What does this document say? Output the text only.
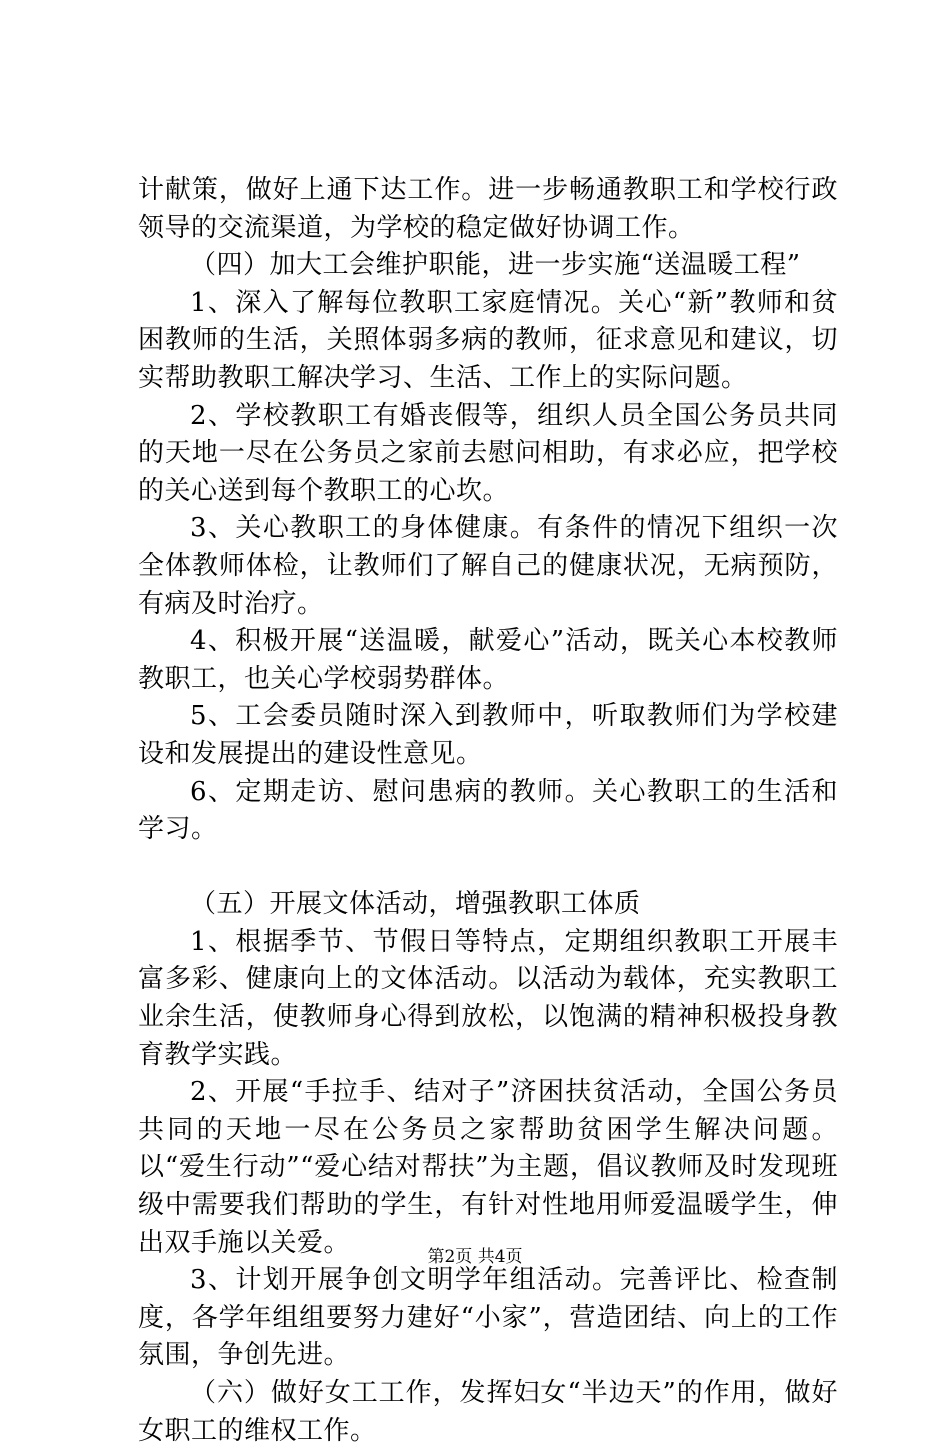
计献策，做好上通下达工作。进一步畅通教职工和学校行政领导的交流渠道，为学校的稳定做好协调工作。

（四）加大工会维护职能，进一步实施“送温暖工程”

1、深入了解每位教职工家庭情况。关心“新”教师和贫困教师的生活，关照体弱多病的教师，征求意见和建议，切实帮助教职工解决学习、生活、工作上的实际问题。

2、学校教职工有婚丧假等，组织人员全国公务员共同的天地一尽在公务员之家前去慰问相助，有求必应，把学校的关心送到每个教职工的心坎。

3、关心教职工的身体健康。有条件的情况下组织一次全体教师体检，让教师们了解自己的健康状况，无病预防，有病及时治疗。

4、积极开展“送温暖，献爱心”活动，既关心本校教师教职工，也关心学校弱势群体。

5、工会委员随时深入到教师中，听取教师们为学校建设和发展提出的建设性意见。

6、定期走访、慰问患病的教师。关心教职工的生活和学习。

（五）开展文体活动，增强教职工体质

1、根据季节、节假日等特点，定期组织教职工开展丰富多彩、健康向上的文体活动。以活动为载体，充实教职工业余生活，使教师身心得到放松，以饱满的精神积极投身教育教学实践。

2、开展“手拉手、结对子”济困扶贫活动，全国公务员共同的天地一尽在公务员之家帮助贫困学生解决问题。以“爱生行动”“爱心结对帮扶”为主题，倡议教师及时发现班级中需要我们帮助的学生，有针对性地用师爱温暖学生，伸出双手施以关爱。

3、计划开展争创文明学年组活动。完善评比、检查制度，各学年组组要努力建好“小家”，营造团结、向上的工作氛围，争创先进。

（六）做好女工工作，发挥妇女“半边天”的作用，做好女职工的维权工作。

第2页 共4页
